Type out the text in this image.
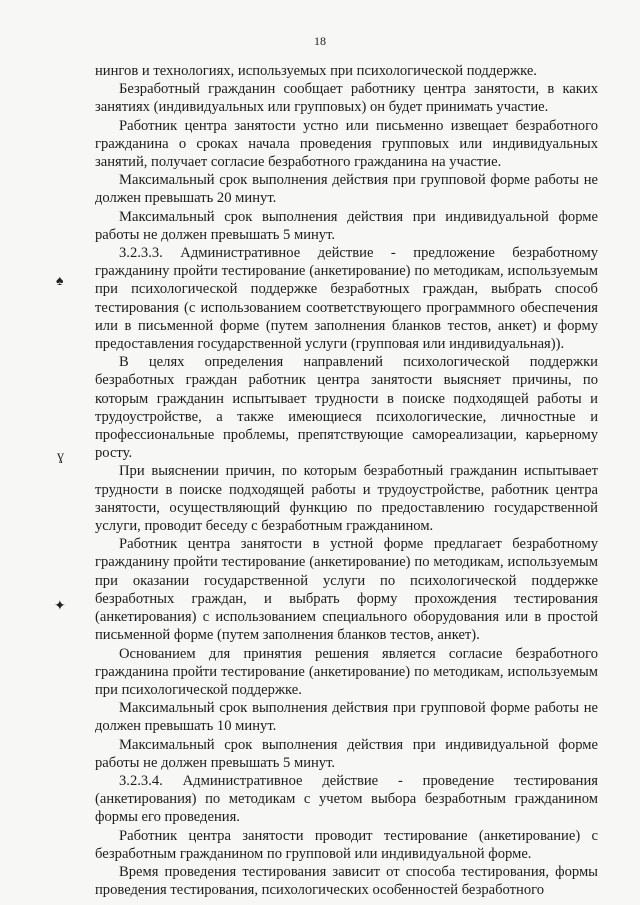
18
♠
ɣ
✦

нингов и технологиях, используемых при психологической поддержке.

Безработный гражданин сообщает работнику центра занятости, в каких занятиях (индивидуальных или групповых) он будет принимать участие.

Работник центра занятости устно или письменно извещает безработного гражданина о сроках начала проведения групповых или индивидуальных занятий, получает согласие безработного гражданина на участие.

Максимальный срок выполнения действия при групповой форме работы не должен превышать 20 минут.

Максимальный срок выполнения действия при индивидуальной форме работы не должен превышать 5 минут.

3.2.3.3. Административное действие - предложение безработному гражданину пройти тестирование (анкетирование) по методикам, используемым при психологической поддержке безработных граждан, выбрать способ тестирования (с использованием соответствующего программного обеспечения или в письменной форме (путем заполнения бланков тестов, анкет) и форму предоставления государственной услуги (групповая или индивидуальная)).

В целях определения направлений психологической поддержки безработных граждан работник центра занятости выясняет причины, по которым гражданин испытывает трудности в поиске подходящей работы и трудоустройстве, а также имеющиеся психологические, личностные и профессиональные проблемы, препятствующие самореализации, карьерному росту.

При выяснении причин, по которым безработный гражданин испытывает трудности в поиске подходящей работы и трудоустройстве, работник центра занятости, осуществляющий функцию по предоставлению государственной услуги, проводит беседу с безработным гражданином.

Работник центра занятости в устной форме предлагает безработному гражданину пройти тестирование (анкетирование) по методикам, используемым при оказании государственной услуги по психологической поддержке безработных граждан, и выбрать форму прохождения тестирования (анкетирования) с использованием специального оборудования или в простой письменной форме (путем заполнения бланков тестов, анкет).

Основанием для принятия решения является согласие безработного гражданина пройти тестирование (анкетирование) по методикам, используемым при психологической поддержке.

Максимальный срок выполнения действия при групповой форме работы не должен превышать 10 минут.

Максимальный срок выполнения действия при индивидуальной форме работы не должен превышать 5 минут.

3.2.3.4. Административное действие - проведение тестирования (анкетирования) по методикам с учетом выбора безработным гражданином формы его проведения.

Работник центра занятости проводит тестирование (анкетирование) с безработным гражданином по групповой или индивидуальной форме.

Время проведения тестирования зависит от способа тестирования, формы проведения тестирования, психологических особенностей безработного
